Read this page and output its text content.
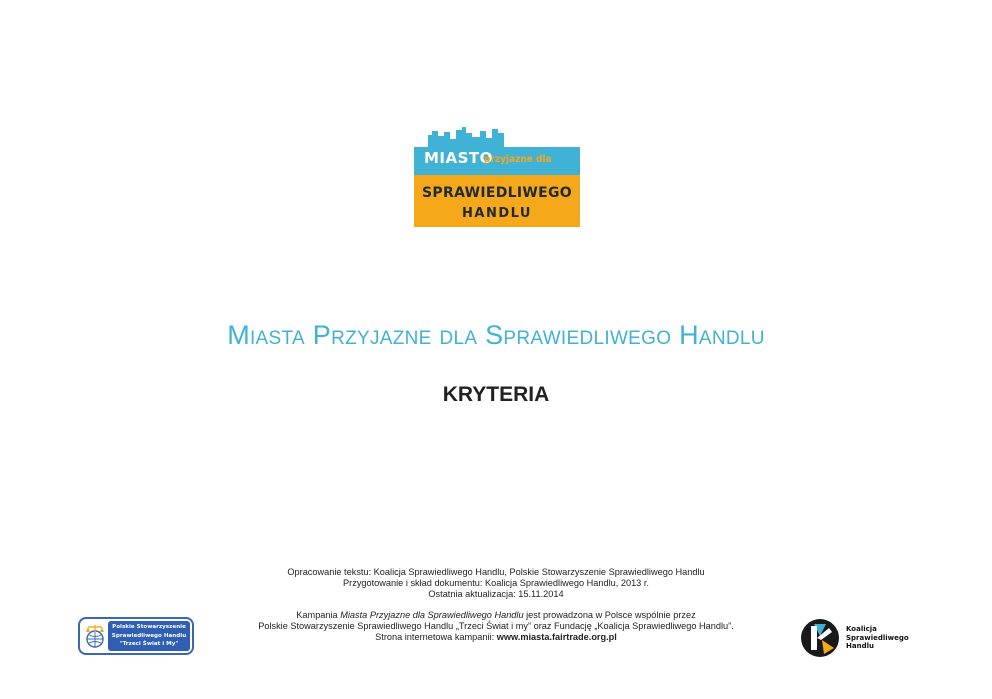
MIASTO
przyjazne dla
SPRAWIEDLIWEGO
HANDLU
Miasta Przyjazne dla Sprawiedliwego Handlu
KRYTERIA
Opracowanie tekstu: Koalicja Sprawiedliwego Handlu, Polskie Stowarzyszenie Sprawiedliwego Handlu
Przygotowanie i skład dokumentu: Koalicja Sprawiedliwego Handlu, 2013 r.
Ostatnia aktualizacja: 15.11.2014
Kampania Miasta Przyjazne dla Sprawiedliwego Handlu jest prowadzona w Polsce wspólnie przez
Polskie Stowarzyszenie Sprawiedliwego Handlu „Trzeci Świat i my” oraz Fundację „Koalicja Sprawiedliwego Handlu”.
Strona internetowa kampanii: www.miasta.fairtrade.org.pl
Polskie Stowarzyszenie
Sprawiedliwego Handlu
"Trzeci Świat i My"
Koalicja
Sprawiedliwego
Handlu
